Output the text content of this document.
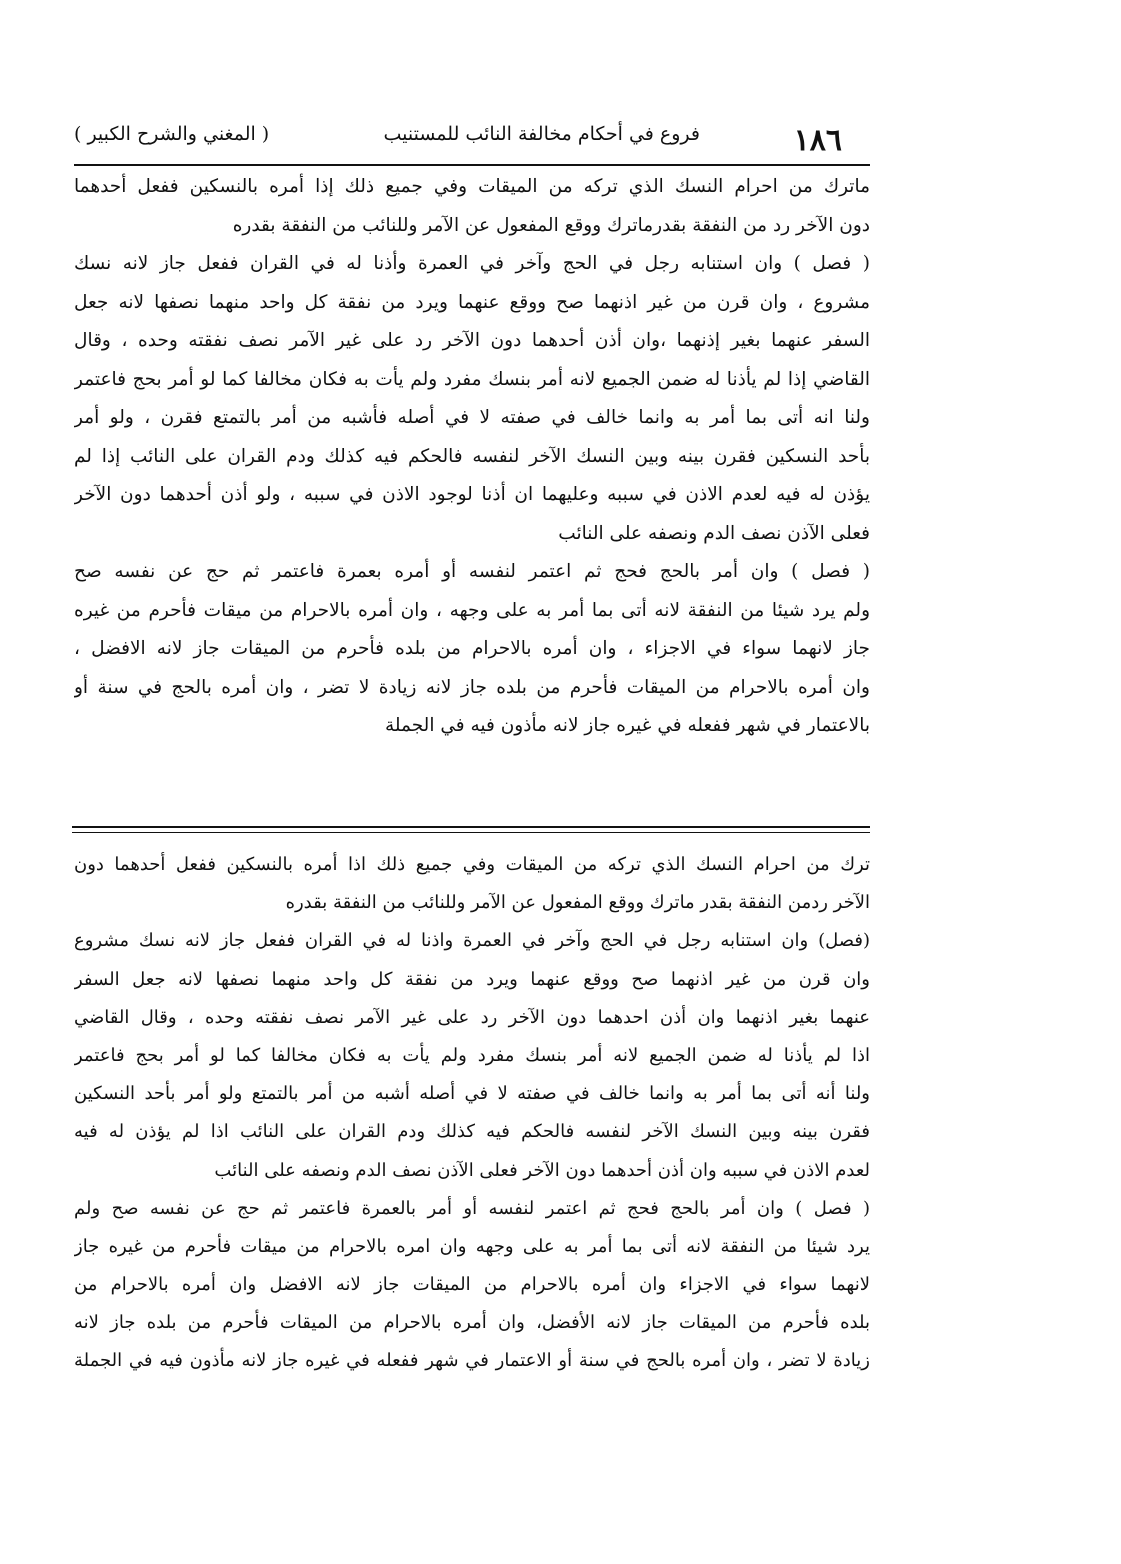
١٨٦
فروع في أحكام مخالفة النائب للمستنيب
( المغني والشرح الكبير )
ماترك من احرام النسك الذي تركه من الميقات وفي جميع ذلك إذا أمره بالنسكين ففعل أحدهما
دون الآخر رد من النفقة بقدرماترك ووقع المفعول عن الآمر وللنائب من النفقة بقدره
( فصل ) وان استنابه رجل في الحج وآخر في العمرة وأذنا له في القران ففعل جاز لانه نسك
مشروع ، وان قرن من غير اذنهما صح ووقع عنهما ويرد من نفقة كل واحد منهما نصفها لانه جعل
السفر عنهما بغير إذنهما ،وان أذن أحدهما دون الآخر رد على غير الآمر نصف نفقته وحده ، وقال
القاضي إذا لم يأذنا له ضمن الجميع لانه أمر بنسك مفرد ولم يأت به فكان مخالفا كما لو أمر بحج فاعتمر
ولنا انه أتى بما أمر به وانما خالف في صفته لا في أصله فأشبه من أمر بالتمتع فقرن ، ولو أمر
بأحد النسكين فقرن بينه وبين النسك الآخر لنفسه فالحكم فيه كذلك ودم القران على النائب إذا لم
يؤذن له فيه لعدم الاذن في سببه وعليهما ان أذنا لوجود الاذن في سببه ، ولو أذن أحدهما دون الآخر
فعلى الآذن نصف الدم ونصفه على النائب
( فصل ) وان أمر بالحج فحج ثم اعتمر لنفسه أو أمره بعمرة فاعتمر ثم حج عن نفسه صح
ولم يرد شيئا من النفقة لانه أتى بما أمر به على وجهه ، وان أمره بالاحرام من ميقات فأحرم من غيره
جاز لانهما سواء في الاجزاء ، وان أمره بالاحرام من بلده فأحرم من الميقات جاز لانه الافضل ،
وان أمره بالاحرام من الميقات فأحرم من بلده جاز لانه زيادة لا تضر ، وان أمره بالحج في سنة أو
بالاعتمار في شهر ففعله في غيره جاز لانه مأذون فيه في الجملة
ترك من احرام النسك الذي تركه من الميقات وفي جميع ذلك اذا أمره بالنسكين ففعل أحدهما دون
الآخر ردمن النفقة بقدر ماترك ووقع المفعول عن الآمر وللنائب من النفقة بقدره
(فصل) وان استنابه رجل في الحج وآخر في العمرة واذنا له في القران ففعل جاز لانه نسك مشروع
وان قرن من غير اذنهما صح ووقع عنهما ويرد من نفقة كل واحد منهما نصفها لانه جعل السفر
عنهما بغير اذنهما وان أذن احدهما دون الآخر رد على غير الآمر نصف نفقته وحده ، وقال القاضي
اذا لم يأذنا له ضمن الجميع لانه أمر بنسك مفرد ولم يأت به فكان مخالفا كما لو أمر بحج فاعتمر
ولنا أنه أتى بما أمر به وانما خالف في صفته لا في أصله أشبه من أمر بالتمتع ولو أمر بأحد النسكين
فقرن بينه وبين النسك الآخر لنفسه فالحكم فيه كذلك ودم القران على النائب اذا لم يؤذن له فيه
لعدم الاذن في سببه وان أذن أحدهما دون الآخر فعلى الآذن نصف الدم ونصفه على النائب
( فصل ) وان أمر بالحج فحج ثم اعتمر لنفسه أو أمر بالعمرة فاعتمر ثم حج عن نفسه صح ولم
يرد شيئا من النفقة لانه أتى بما أمر به على وجهه وان امره بالاحرام من ميقات فأحرم من غيره جاز
لانهما سواء في الاجزاء وان أمره بالاحرام من الميقات جاز لانه الافضل وان أمره بالاحرام من
بلده فأحرم من الميقات جاز لانه الأفضل، وان أمره بالاحرام من الميقات فأحرم من بلده جاز لانه
زيادة لا تضر ، وان أمره بالحج في سنة أو الاعتمار في شهر ففعله في غيره جاز لانه مأذون فيه في الجملة
